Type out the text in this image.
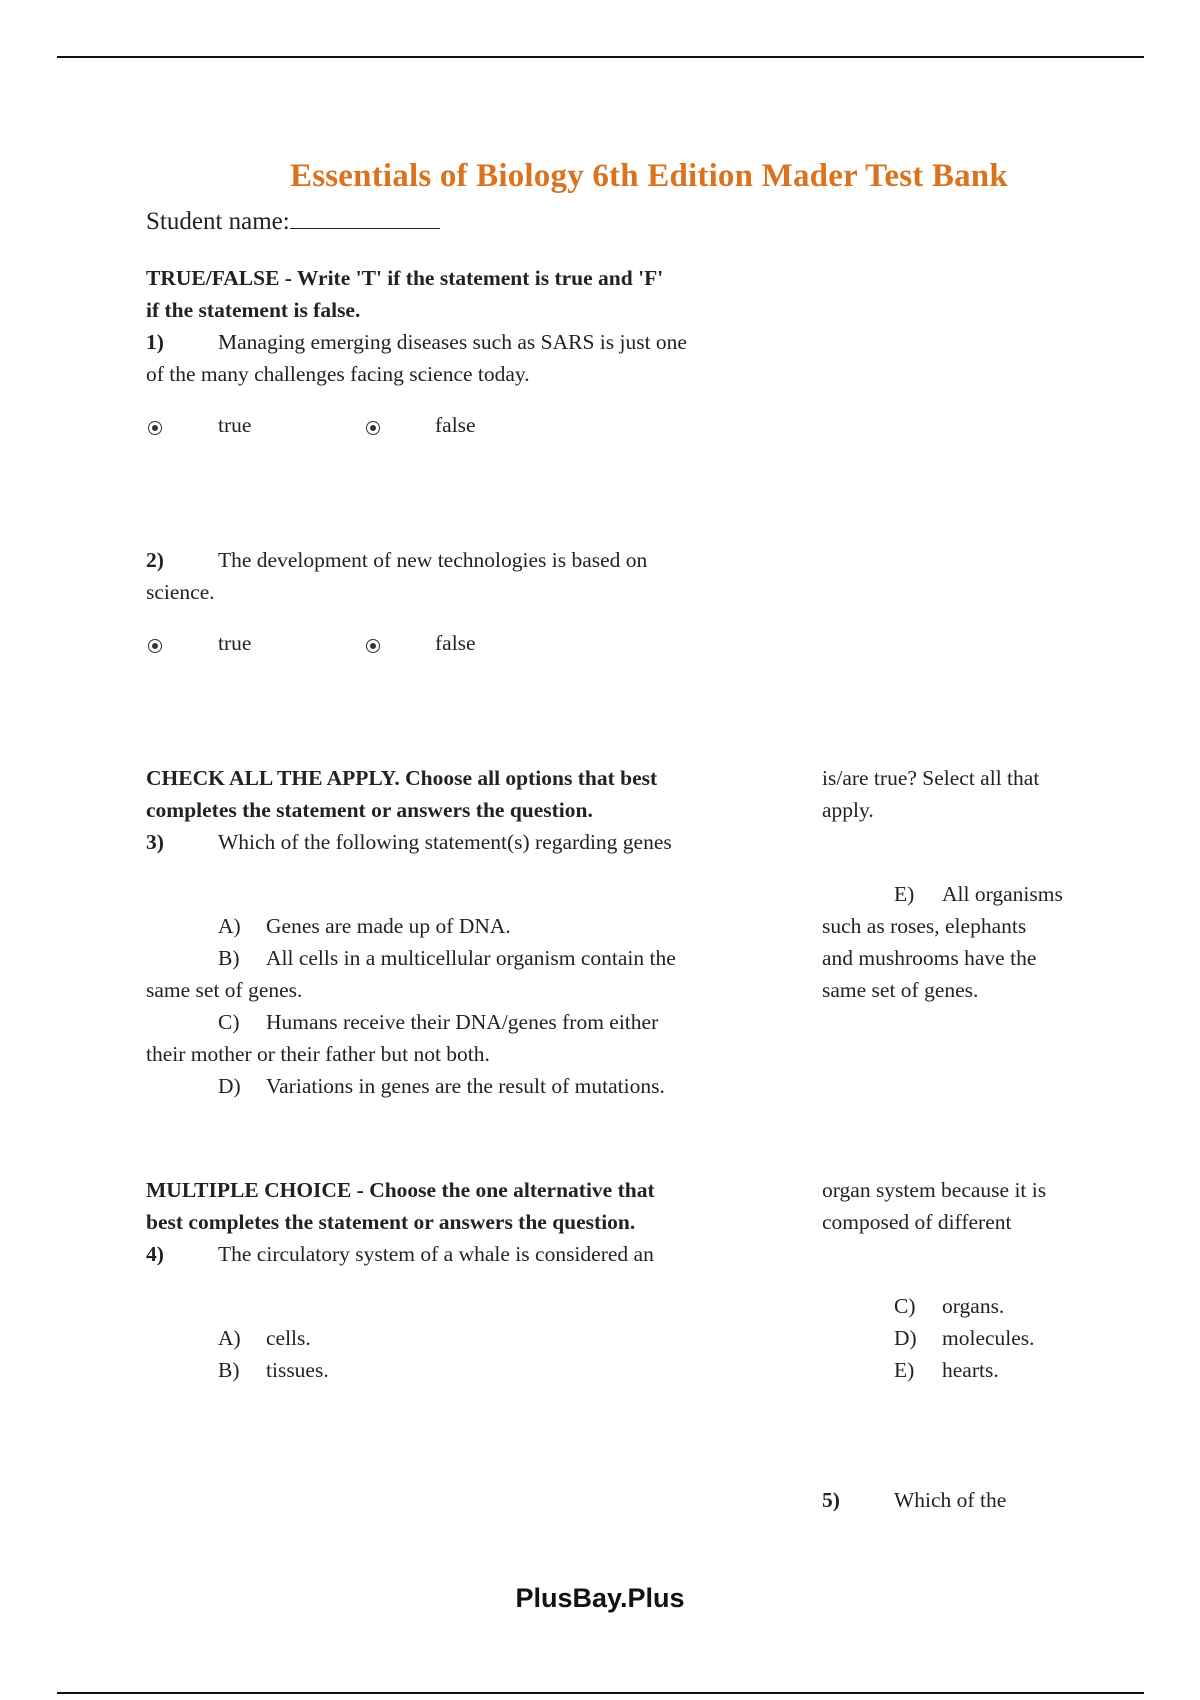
Essentials of Biology 6th Edition Mader Test Bank
Student name:
TRUE/FALSE - Write 'T' if the statement is true and 'F'
if the statement is false.
1)	Managing emerging diseases such as SARS is just one
of the many challenges facing science today.
true	false
2)	The development of new technologies is based on
science.
true	false
CHECK ALL THE APPLY. Choose all options that best
completes the statement or answers the question.
3)	Which of the following statement(s) regarding genes
is/are true? Select all that
apply.
A) Genes are made up of DNA.
B) All cells in a multicellular organism contain the
same set of genes.
C) Humans receive their DNA/genes from either
their mother or their father but not both.
D) Variations in genes are the result of mutations.
E) All organisms
such as roses, elephants
and mushrooms have the
same set of genes.
MULTIPLE CHOICE - Choose the one alternative that
best completes the statement or answers the question.
4)	The circulatory system of a whale is considered an
organ system because it is
composed of different
A) cells.
B) tissues.
C) organs.
D) molecules.
E) hearts.
5)	Which of the
PlusBay.Plus
